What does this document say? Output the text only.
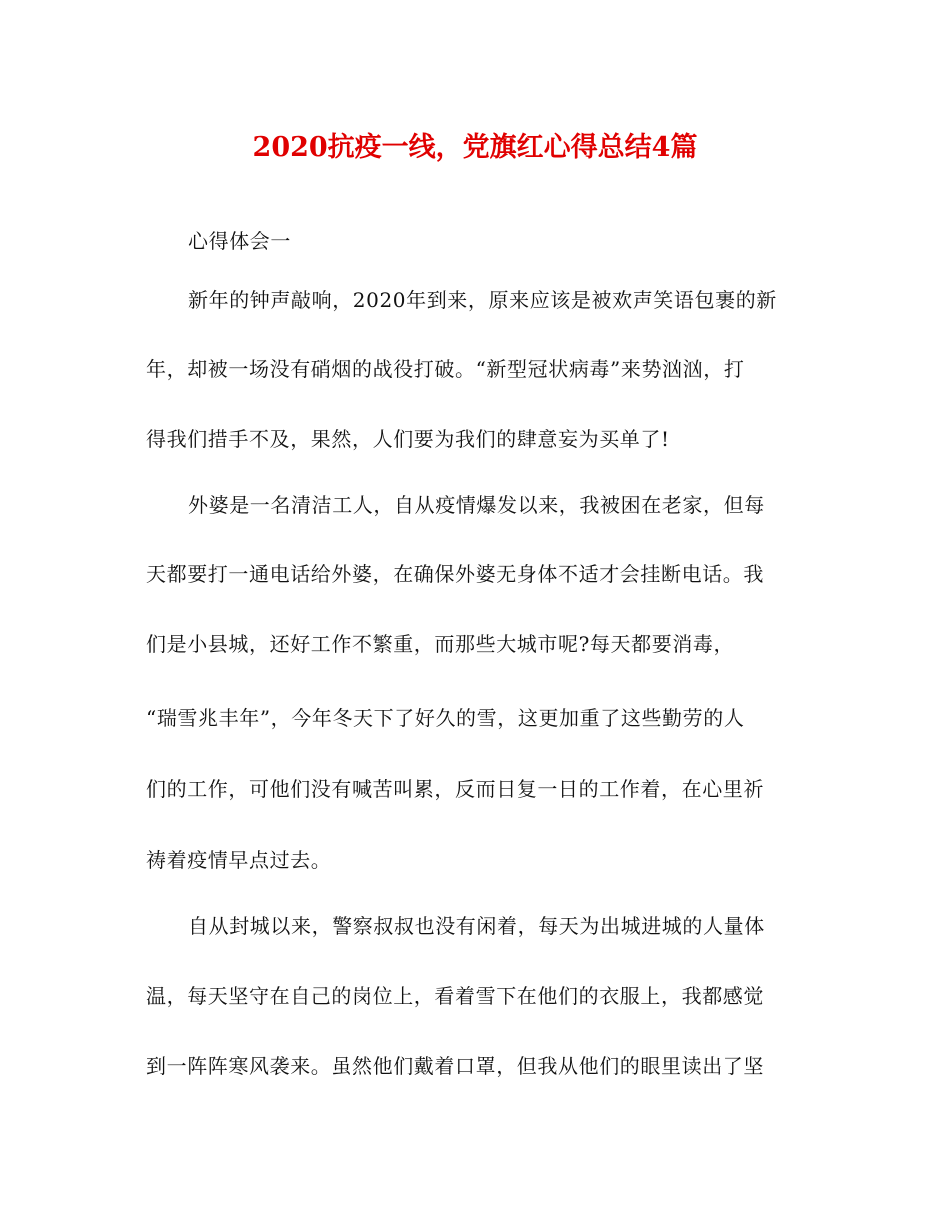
2020抗疫一线，党旗红心得总结4篇
心得体会一
新年的钟声敲响，2020年到来，原来应该是被欢声笑语包裹的新
年，却被一场没有硝烟的战役打破。“新型冠状病毒”来势汹汹，打
得我们措手不及，果然，人们要为我们的肆意妄为买单了!
外婆是一名清洁工人，自从疫情爆发以来，我被困在老家，但每
天都要打一通电话给外婆，在确保外婆无身体不适才会挂断电话。我
们是小县城，还好工作不繁重，而那些大城市呢?每天都要消毒，
“瑞雪兆丰年”，今年冬天下了好久的雪，这更加重了这些勤劳的人
们的工作，可他们没有喊苦叫累，反而日复一日的工作着，在心里祈
祷着疫情早点过去。
自从封城以来，警察叔叔也没有闲着，每天为出城进城的人量体
温，每天坚守在自己的岗位上，看着雪下在他们的衣服上，我都感觉
到一阵阵寒风袭来。虽然他们戴着口罩，但我从他们的眼里读出了坚
